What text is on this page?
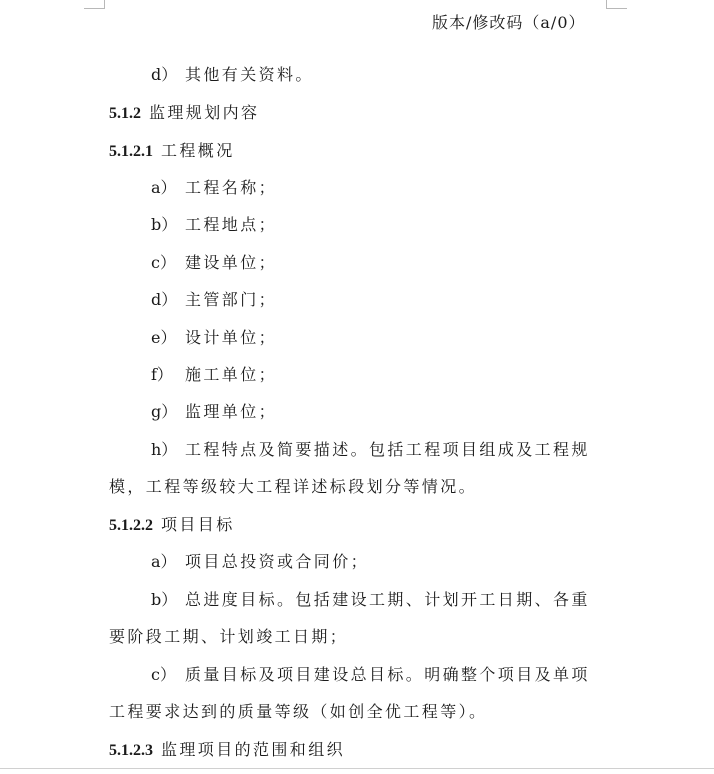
版本/修改码（a/0）
d） 其他有关资料。
5.1.2 监理规划内容
5.1.2.1 工程概况
a） 工程名称；
b） 工程地点；
c） 建设单位；
d） 主管部门；
e） 设计单位；
f） 施工单位；
g） 监理单位；
h） 工程特点及简要描述。包括工程项目组成及工程规
模，工程等级较大工程详述标段划分等情况。
5.1.2.2 项目目标
a） 项目总投资或合同价；
b） 总进度目标。包括建设工期、计划开工日期、各重
要阶段工期、计划竣工日期；
c） 质量目标及项目建设总目标。明确整个项目及单项
工程要求达到的质量等级（如创全优工程等）。
5.1.2.3 监理项目的范围和组织
